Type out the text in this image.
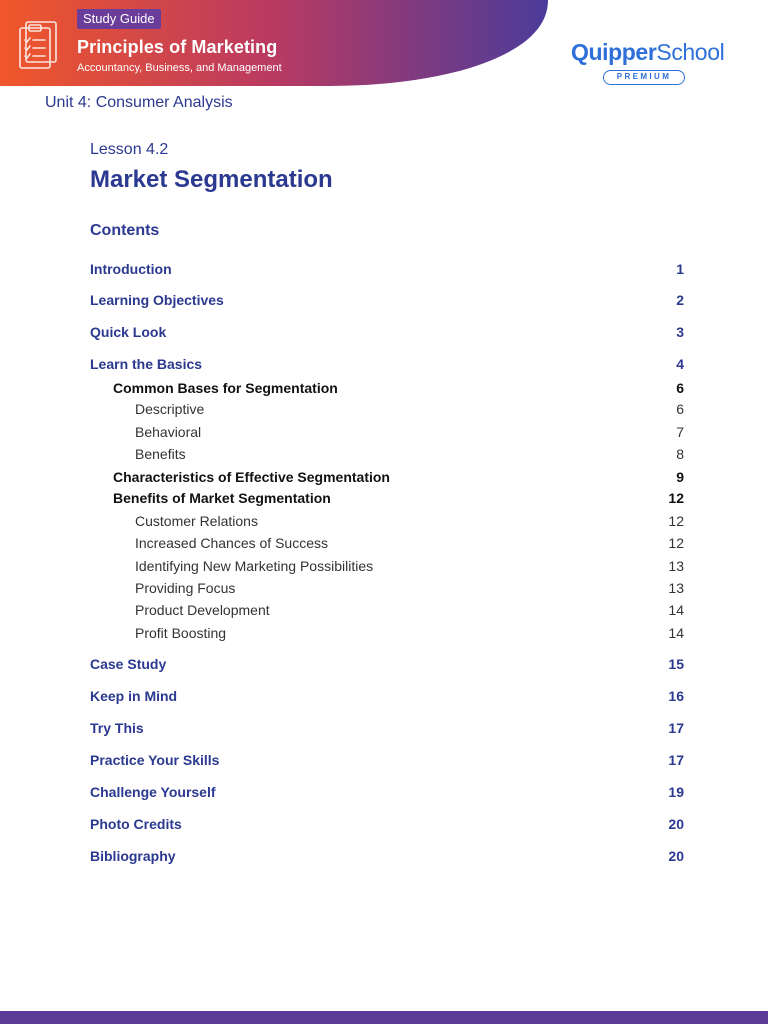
Study Guide
Principles of Marketing
Accountancy, Business, and Management
QuipperSchool
PREMIUM
Unit 4: Consumer Analysis
Lesson 4.2
Market Segmentation
Contents
Introduction	1
Learning Objectives	2
Quick Look	3
Learn the Basics	4
Common Bases for Segmentation	6
Descriptive	6
Behavioral	7
Benefits	8
Characteristics of Effective Segmentation	9
Benefits of Market Segmentation	12
Customer Relations	12
Increased Chances of Success	12
Identifying New Marketing Possibilities	13
Providing Focus	13
Product Development	14
Profit Boosting	14
Case Study	15
Keep in Mind	16
Try This	17
Practice Your Skills	17
Challenge Yourself	19
Photo Credits	20
Bibliography	20
